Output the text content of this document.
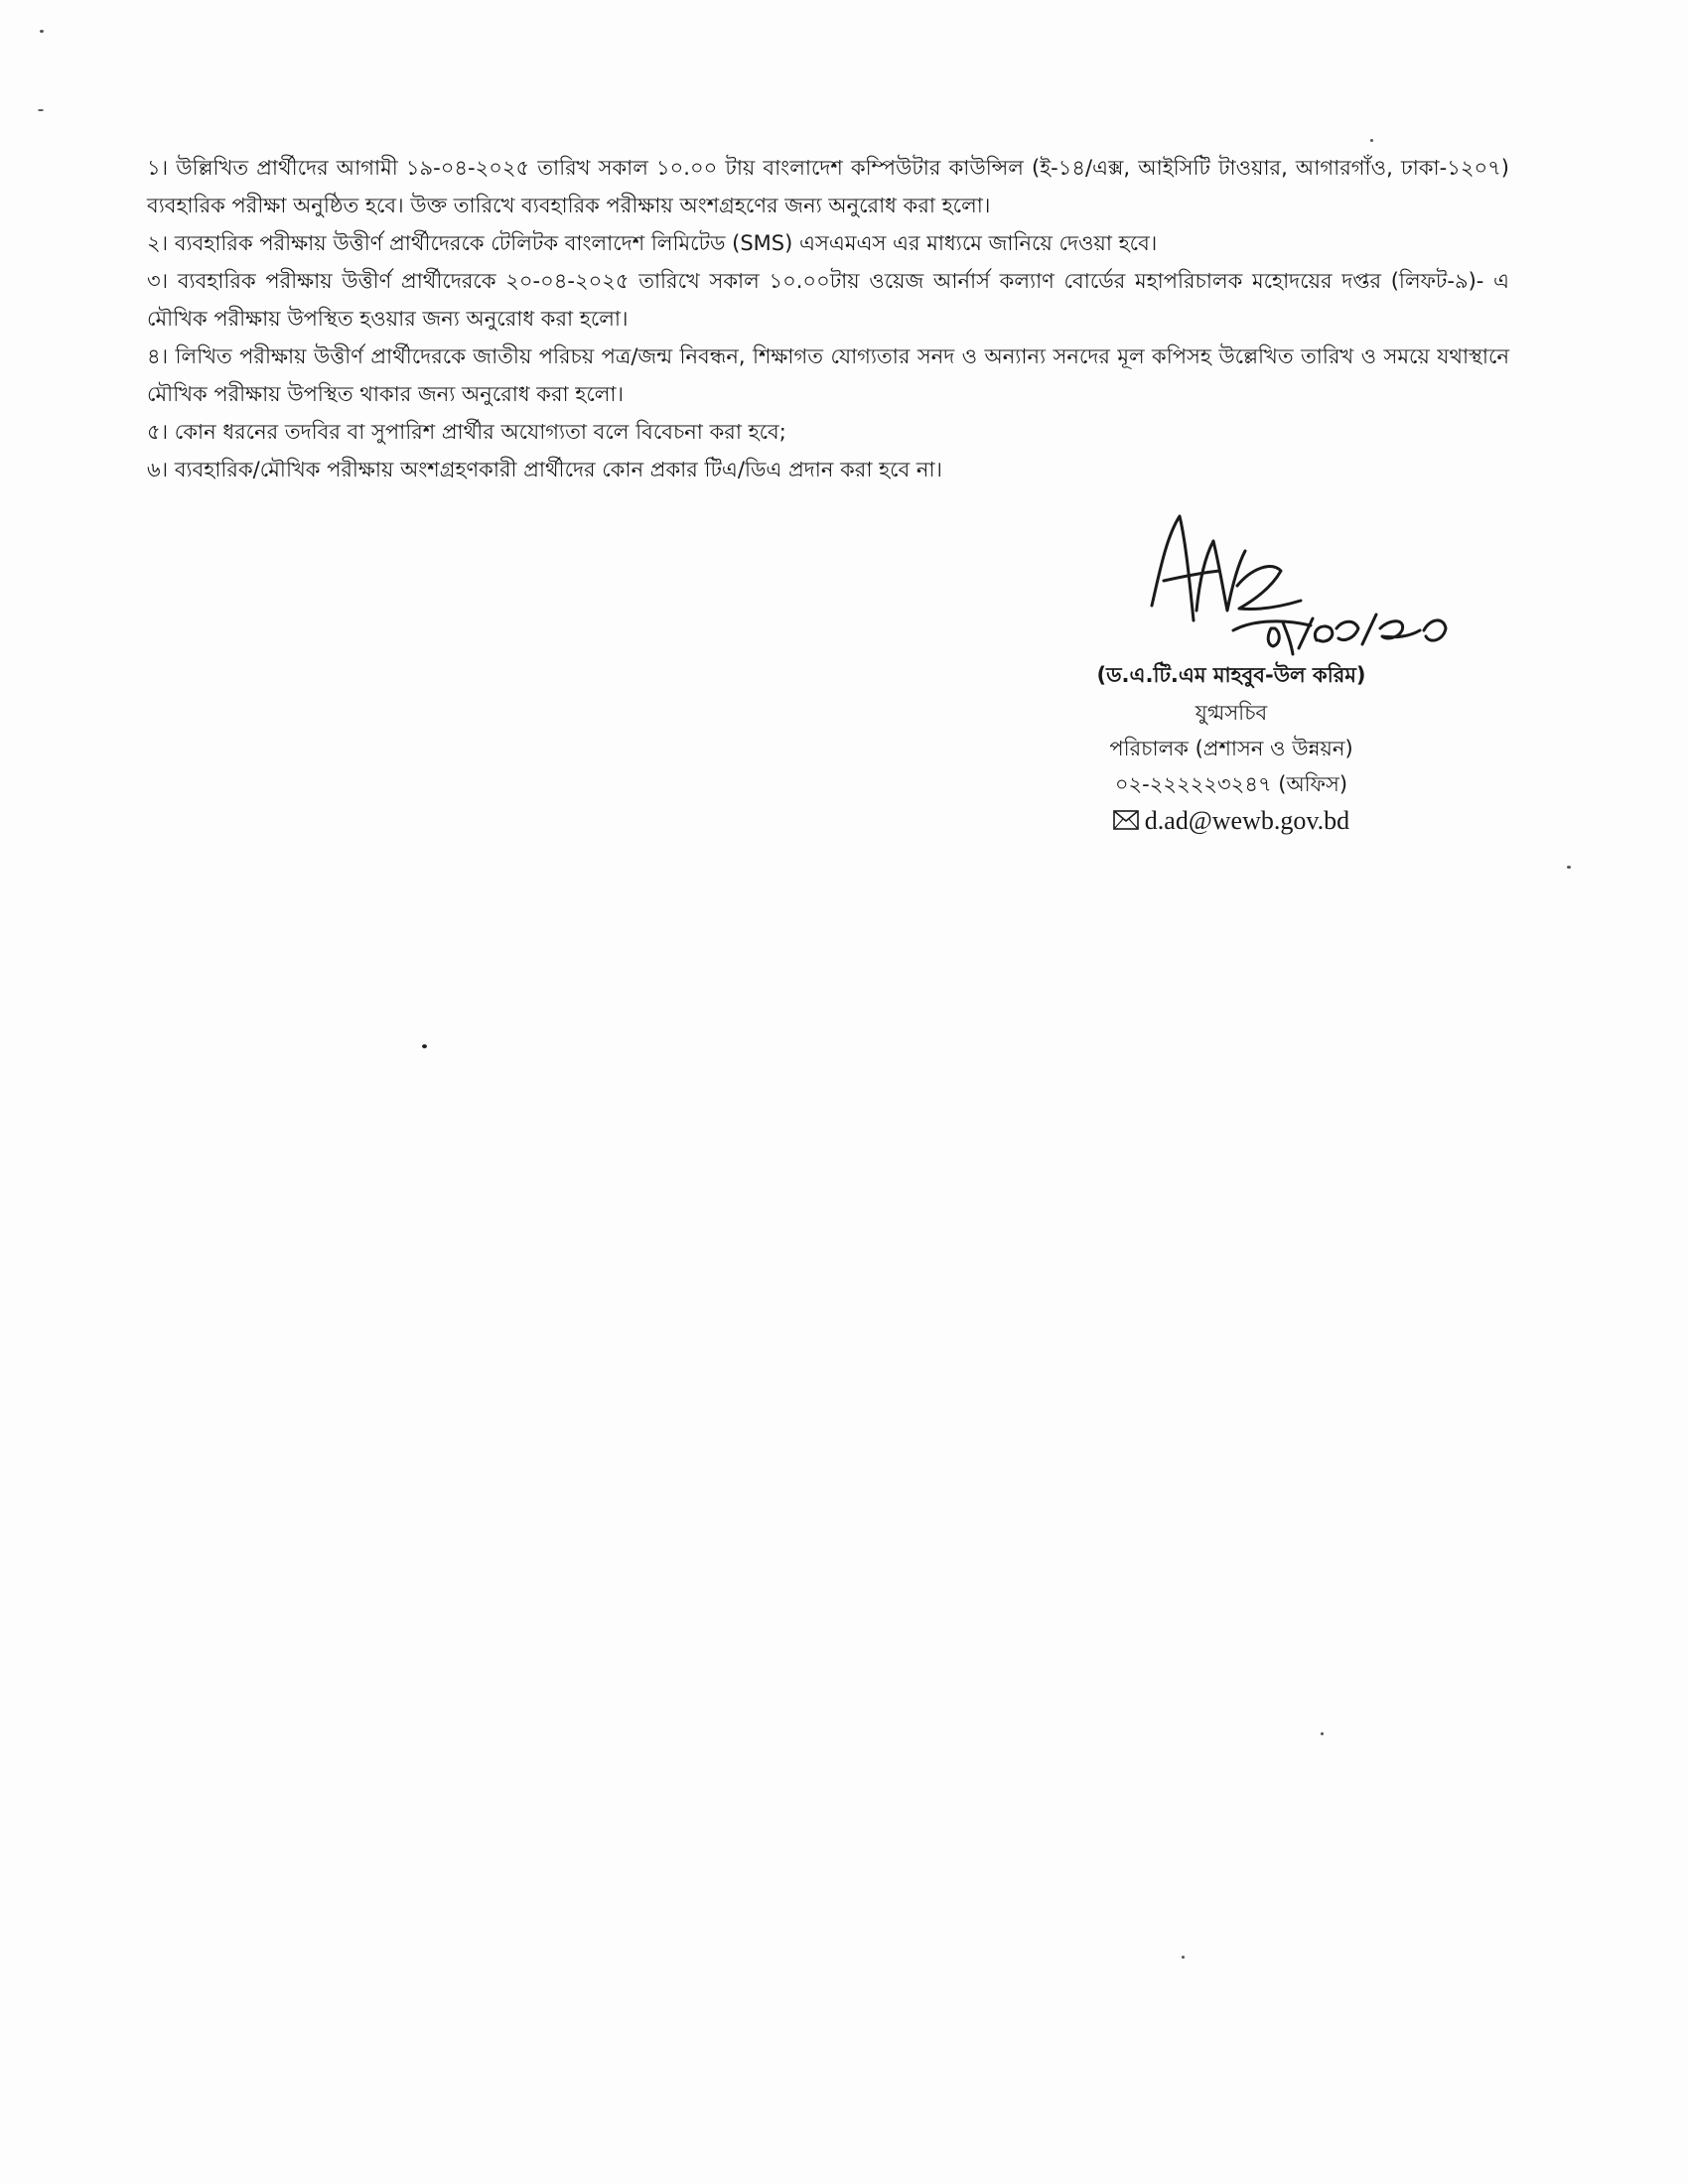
১। উল্লিখিত প্রার্থীদের আগামী ১৯-০৪-২০২৫ তারিখ সকাল ১০.০০ টায় বাংলাদেশ কম্পিউটার কাউন্সিল (ই-১৪/এক্স, আইসিটি টাওয়ার, আগারগাঁও, ঢাকা-১২০৭) ব্যবহারিক পরীক্ষা অনুষ্ঠিত হবে। উক্ত তারিখে ব্যবহারিক পরীক্ষায় অংশগ্রহণের জন্য অনুরোধ করা হলো।
২। ব্যবহারিক পরীক্ষায় উত্তীর্ণ প্রার্থীদেরকে টেলিটক বাংলাদেশ লিমিটেড (SMS) এসএমএস এর মাধ্যমে জানিয়ে দেওয়া হবে।
৩। ব্যবহারিক পরীক্ষায় উত্তীর্ণ প্রার্থীদেরকে ২০-০৪-২০২৫ তারিখে সকাল ১০.০০টায় ওয়েজ আর্নার্স কল্যাণ বোর্ডের মহাপরিচালক মহোদয়ের দপ্তর (লিফট-৯)- এ মৌখিক পরীক্ষায় উপস্থিত হওয়ার জন্য অনুরোধ করা হলো।
৪। লিখিত পরীক্ষায় উত্তীর্ণ প্রার্থীদেরকে জাতীয় পরিচয় পত্র/জন্ম নিবন্ধন, শিক্ষাগত যোগ্যতার সনদ ও অন্যান্য সনদের মূল কপিসহ উল্লেখিত তারিখ ও সময়ে যথাস্থানে মৌখিক পরীক্ষায় উপস্থিত থাকার জন্য অনুরোধ করা হলো।
৫। কোন ধরনের তদবির বা সুপারিশ প্রার্থীর অযোগ্যতা বলে বিবেচনা করা হবে;
৬। ব্যবহারিক/মৌখিক পরীক্ষায় অংশগ্রহণকারী প্রার্থীদের কোন প্রকার টিএ/ডিএ প্রদান করা হবে না।
(ড.এ.টি.এম মাহবুব-উল করিম)
যুগ্মসচিব
পরিচালক (প্রশাসন ও উন্নয়ন)
০২-২২২২২৩২৪৭ (অফিস)
d.ad@wewb.gov.bd
